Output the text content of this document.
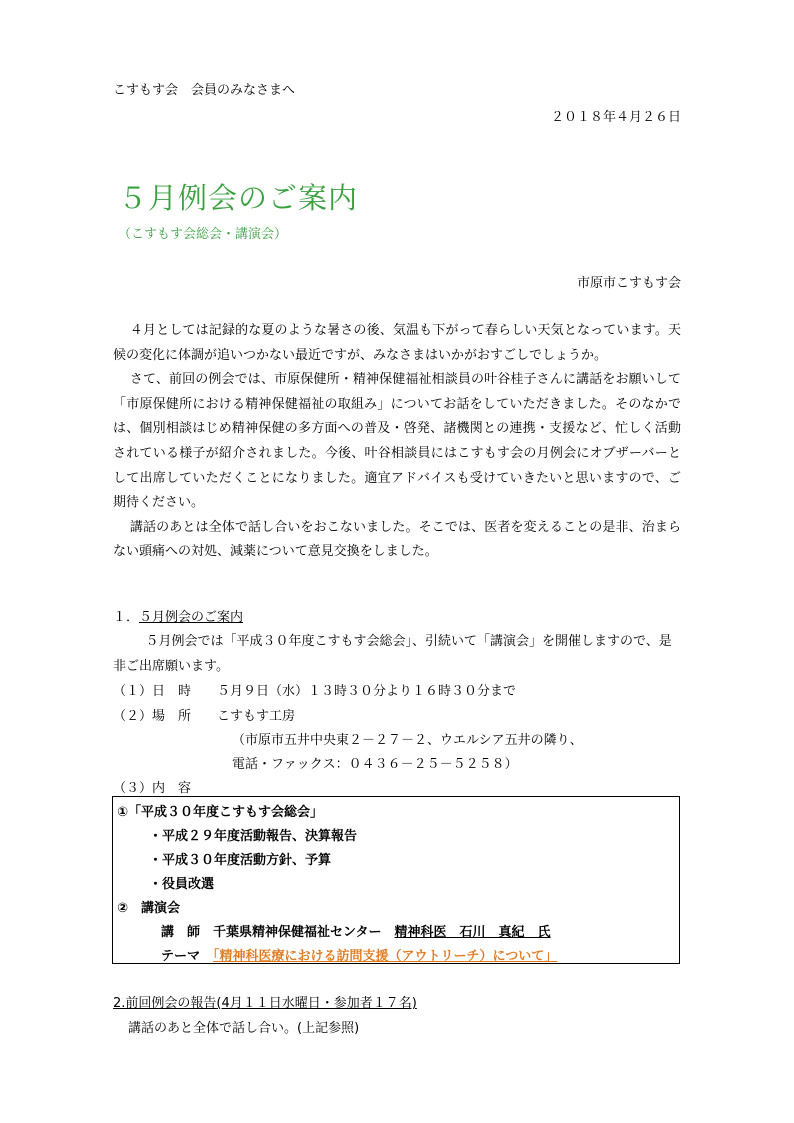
こすもす会　会員のみなさまへ
２０１８年４月２６日
５月例会のご案内
（こすもす会総会・講演会）
市原市こすもす会

４月としては記録的な夏のような暑さの後、気温も下がって春らしい天気となっています。天候の変化に体調が追いつかない最近ですが、みなさまはいかがおすごしでしょうか。

さて、前回の例会では、市原保健所・精神保健福祉相談員の叶谷桂子さんに講話をお願いして「市原保健所における精神保健福祉の取組み」についてお話をしていただきました。そのなかでは、個別相談はじめ精神保健の多方面への普及・啓発、諸機関との連携・支援など、忙しく活動されている様子が紹介されました。今後、叶谷相談員にはこすもす会の月例会にオブザーバーとして出席していただくことになりました。適宜アドバイスも受けていきたいと思いますので、ご期待ください。

講話のあとは全体で話し合いをおこないました。そこでは、医者を変えることの是非、治まらない頭痛への対処、減薬について意見交換をしました。

１．５月例会のご案内
５月例会では「平成３０年度こすもす会総会」、引続いて「講演会」を開催しますので、是非ご出席願います。
（１）日　時　　 ５月９日（水）１３時３０分より１６時３０分まで
（２）場　所　　 こすもす工房
（市原市五井中央東２－２７－２、ウエルシア五井の隣り、
電話・ファックス：０４３６－２５－５２５８）
（３）内　容
①「平成３０年度こすもす会総会」
・平成２９年度活動報告、決算報告
・平成３０年度活動方針、予算
・役員改選
②　講演会
講　師　 千葉県精神保健福祉センター　 精神科医　石川　真紀　氏
テーマ　 「精神科医療における訪問支援（アウトリーチ）について」
2.前回例会の報告(4月１１日水曜日・参加者１７名)
講話のあと全体で話し合い。(上記参照)
